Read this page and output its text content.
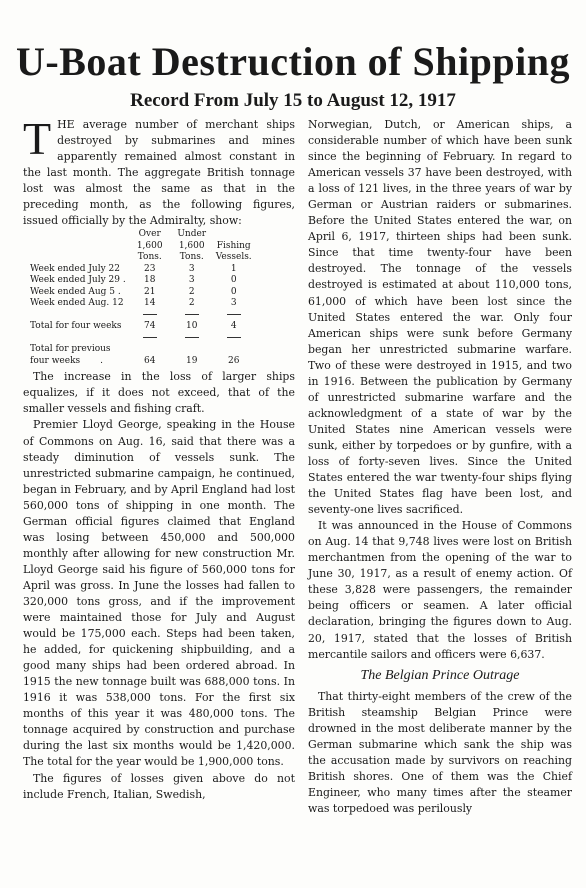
U-Boat Destruction of Shipping
Record From July 15 to August 12, 1917

THE average number of merchant ships destroyed by submarines and mines apparently remained almost constant in the last month. The aggregate British tonnage lost was almost the same as that in the preceding month, as the following figures, issued officially by the Admiralty, show:

	Over	Under	
	1,600	1,600	Fishing
	Tons.	Tons.	Vessels.
Week ended July 22	23	3	1
Week ended July 29 .	18	3	0
Week ended Aug 5 .	21	2	0
Week ended Aug. 12	14	2	3

Total for four weeks	74	10	4

Total for previous			
four weeks .	64	19	26

The increase in the loss of larger ships equalizes, if it does not exceed, that of the smaller vessels and fishing craft.

Premier Lloyd George, speaking in the House of Commons on Aug. 16, said that there was a steady diminution of vessels sunk. The unrestricted submarine campaign, he continued, began in February, and by April England had lost 560,000 tons of shipping in one month. The German official figures claimed that England was losing between 450,000 and 500,000 monthly after allowing for new construction Mr. Lloyd George said his figure of 560,000 tons for April was gross. In June the losses had fallen to 320,000 tons gross, and if the improvement were maintained those for July and August would be 175,000 each. Steps had been taken, he added, for quickening shipbuilding, and a good many ships had been ordered abroad. In 1915 the new tonnage built was 688,000 tons. In 1916 it was 538,000 tons. For the first six months of this year it was 480,000 tons. The tonnage acquired by construction and purchase during the last six months would be 1,420,000. The total for the year would be 1,900,000 tons.

The figures of losses given above do not include French, Italian, Swedish,

Norwegian, Dutch, or American ships, a considerable number of which have been sunk since the beginning of February. In regard to American vessels 37 have been destroyed, with a loss of 121 lives, in the three years of war by German or Austrian raiders or submarines. Before the United States entered the war, on April 6, 1917, thirteen ships had been sunk. Since that time twenty-four have been destroyed. The tonnage of the vessels destroyed is estimated at about 110,000 tons, 61,000 of which have been lost since the United States entered the war. Only four American ships were sunk before Germany began her unrestricted submarine warfare. Two of these were destroyed in 1915, and two in 1916. Between the publication by Germany of unrestricted submarine warfare and the acknowledgment of a state of war by the United States nine American vessels were sunk, either by torpedoes or by gunfire, with a loss of forty-seven lives. Since the United States entered the war twenty-four ships flying the United States flag have been lost, and seventy-one lives sacrificed.

It was announced in the House of Commons on Aug. 14 that 9,748 lives were lost on British merchantmen from the opening of the war to June 30, 1917, as a result of enemy action. Of these 3,828 were passengers, the remainder being officers or seamen. A later official declaration, bringing the figures down to Aug. 20, 1917, stated that the losses of British mercantile sailors and officers were 6,637.

The Belgian Prince Outrage

That thirty-eight members of the crew of the British steamship Belgian Prince were drowned in the most deliberate manner by the German submarine which sank the ship was the accusation made by survivors on reaching British shores. One of them was the Chief Engineer, who many times after the steamer was torpedoed was perilously
